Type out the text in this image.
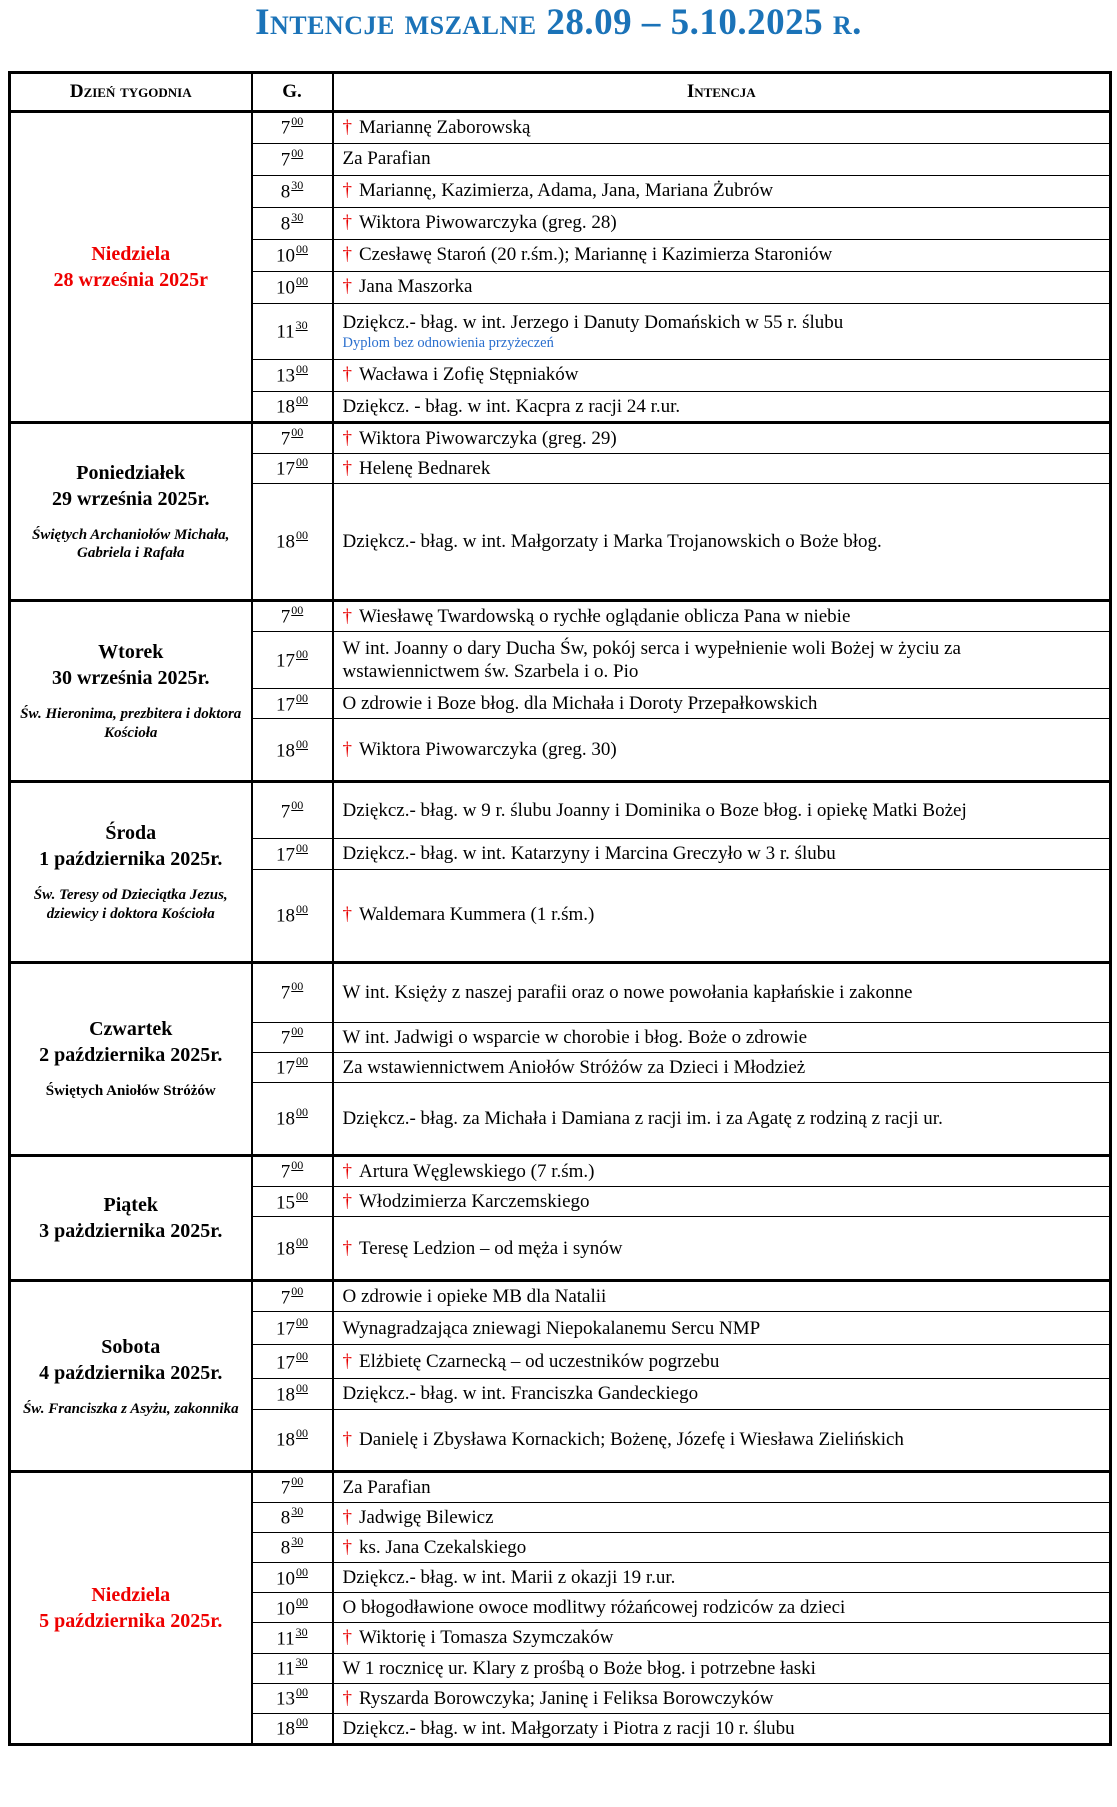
Intencje mszalne 28.09 – 5.10.2025 r.
Dzień tygodnia	G.	Intencja

Niedziela
28 września 2025r	700	† Mariannę Zaborowską

	700	Za Parafian

	830	† Mariannę, Kazimierza, Adama, Jana, Mariana Żubrów

	830	† Wiktora Piwowarczyka (greg. 28)

	1000	† Czesławę Staroń (20 r.śm.); Mariannę i Kazimierza Staroniów

	1000	† Jana Maszorka

	1130	Dziękcz.- błag. w int. Jerzego i Danuty Domańskich w 55 r. ślubu
Dyplom bez odnowienia przyżeczeń

	1300	† Wacława i Zofię Stępniaków

	1800	Dziękcz. - błag. w int. Kacpra z racji 24 r.ur.

Poniedziałek
29 września 2025r.
Świętych Archaniołów Michała, Gabriela i Rafała	700	† Wiktora Piwowarczyka (greg. 29)

	1700	† Helenę Bednarek

	1800	Dziękcz.- błag. w int. Małgorzaty i Marka Trojanowskich o Boże błog.

Wtorek
30 września 2025r.
Św. Hieronima, prezbitera i doktora Kościoła	700	† Wiesławę Twardowską o rychłe oglądanie oblicza Pana w niebie

	1700	W int. Joanny o dary Ducha Św, pokój serca i wypełnienie woli Bożej w życiu za wstawiennictwem św. Szarbela i o. Pio

	1700	O zdrowie i Boze błog. dla Michała i Doroty Przepałkowskich

	1800	† Wiktora Piwowarczyka (greg. 30)

Środa
1 października 2025r.
Św. Teresy od Dzieciątka Jezus, dziewicy i doktora Kościoła	700	Dziękcz.- błag. w 9 r. ślubu Joanny i Dominika o Boze błog. i opiekę Matki Bożej

	1700	Dziękcz.- błag. w int. Katarzyny i Marcina Greczyło w 3 r. ślubu

	1800	† Waldemara Kummera (1 r.śm.)

Czwartek
2 października 2025r.
Świętych Aniołów Stróżów	700	W int. Księży z naszej parafii oraz o nowe powołania kapłańskie i zakonne

	700	W int. Jadwigi o wsparcie w chorobie i błog. Boże o zdrowie

	1700	Za wstawiennictwem Aniołów Stróżów za Dzieci i Młodzież

	1800	Dziękcz.- błag. za Michała i Damiana z racji im. i za Agatę z rodziną z racji ur.

Piątek
3 pażdziernika 2025r.	700	† Artura Węglewskiego (7 r.śm.)

	1500	† Włodzimierza Karczemskiego

	1800	† Teresę Ledzion – od męża i synów

Sobota
4 października 2025r.
Św. Franciszka z Asyżu, zakonnika	700	O zdrowie i opieke MB dla Natalii

	1700	Wynagradzająca zniewagi Niepokalanemu Sercu NMP

	1700	† Elżbietę Czarnecką – od uczestników pogrzebu

	1800	Dziękcz.- błag. w int. Franciszka Gandeckiego

	1800	† Danielę i Zbysława Kornackich; Bożenę, Józefę i Wiesława Zielińskich

Niedziela
5 października 2025r.	700	Za Parafian

	830	† Jadwigę Bilewicz

	830	† ks. Jana Czekalskiego

	1000	Dziękcz.- błag. w int. Marii z okazji 19 r.ur.

	1000	O błogodławione owoce modlitwy różańcowej rodziców za dzieci

	1130	† Wiktorię i Tomasza Szymczaków

	1130	W 1 rocznicę ur. Klary z prośbą o Boże błog. i potrzebne łaski

	1300	† Ryszarda Borowczyka; Janinę i Feliksa Borowczyków

	1800	Dziękcz.- błag. w int. Małgorzaty i Piotra z racji 10 r. ślubu
